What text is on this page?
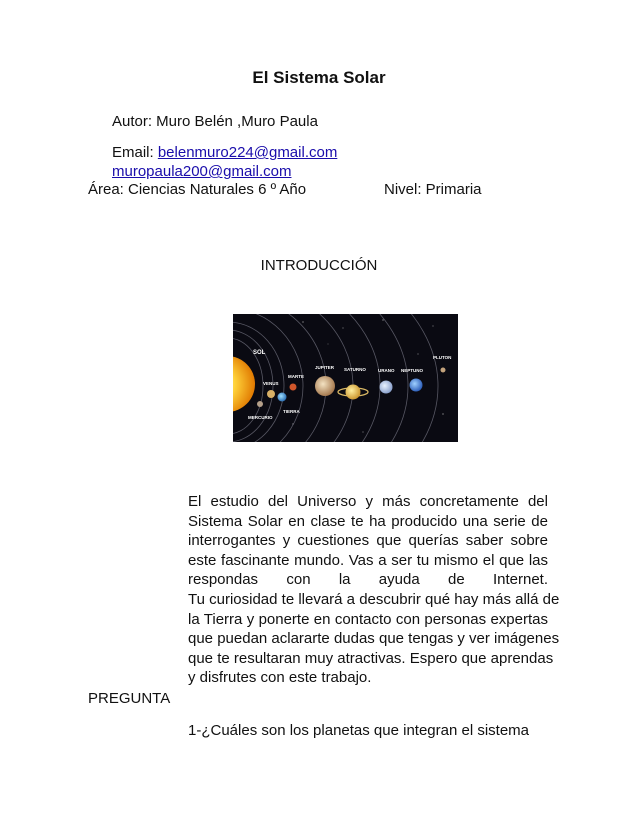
El Sistema Solar
Autor: Muro Belén ,Muro Paula
Email: belenmuro224@gmail.com
muropaula200@gmail.com
Área: Ciencias Naturales 6 º Año	Nivel: Primaria
INTRODUCCIÓN
SOL
MERCURIO
VENUS
TIERRA
MARTE
JUPITER SATURNO	URANO NEPTUNO
PLUTON
El estudio del Universo y más concretamente del
Sistema Solar en clase te ha producido una serie de
interrogantes y cuestiones que querías saber sobre
este fascinante mundo. Vas a ser tu mismo el que las
respondas con la ayuda de Internet.
Tu curiosidad te llevará a descubrir qué hay más allá de
la Tierra y ponerte en contacto con personas expertas
que puedan aclararte dudas que tengas y ver imágenes
que te resultaran muy atractivas. Espero que aprendas
y disfrutes con este trabajo.
PREGUNTA
1-¿Cuáles son los planetas que integran el sistema
